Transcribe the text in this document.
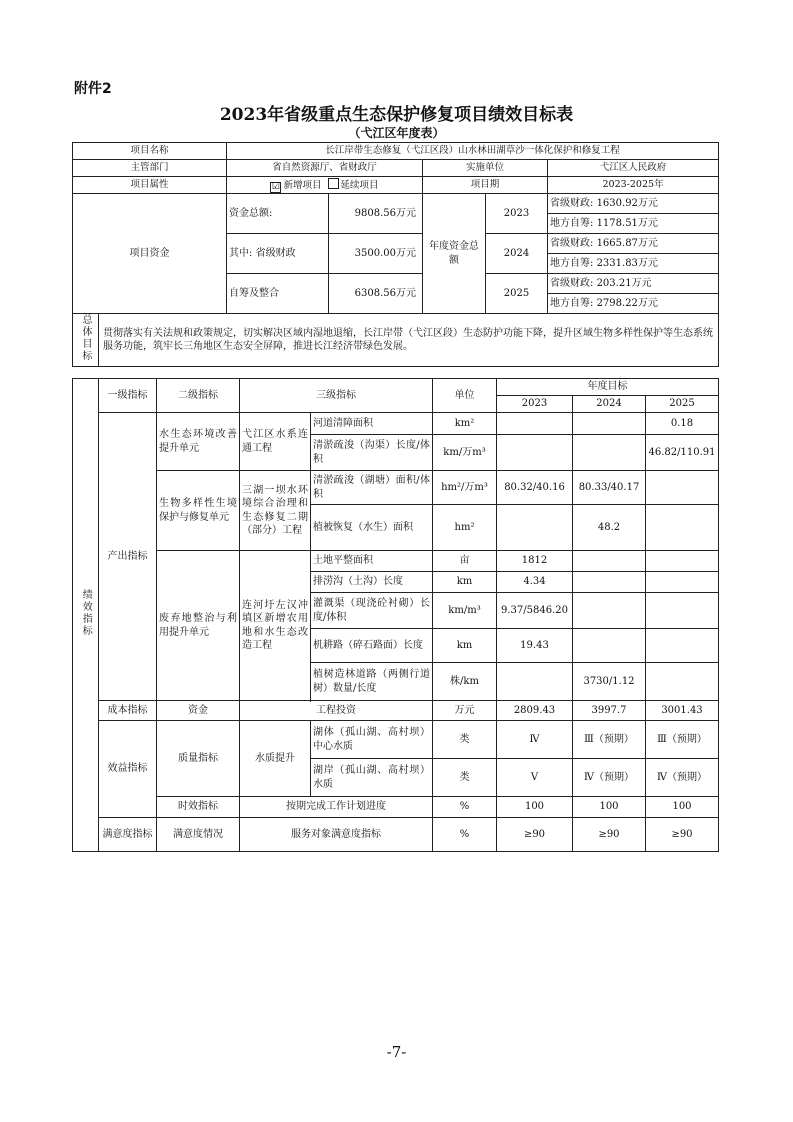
附件2
2023年省级重点生态保护修复项目绩效目标表
（弋江区年度表）
项目名称		长江岸带生态修复（弋江区段）山水林田湖草沙一体化保护和修复工程				
主管部门		省自然资源厅、省财政厅		实施单位		弋江区人民政府
项目属性		☑ 新增项目 延续项目		项目期		2023-2025年
项目资金		资金总额:	9808.56万元	年度资金总额	2023	省级财政: 1630.92万元
						地方自筹: 1178.51万元
		其中: 省级财政	3500.00万元		2024	省级财政: 1665.87万元
						地方自筹: 2331.83万元
		自筹及整合	6308.56万元		2025	省级财政: 203.21万元
						地方自筹: 2798.22万元
总体目标	贯彻落实有关法规和政策规定，切实解决区域内湿地退缩，长江岸带（弋江区段）生态防护功能下降，提升区域生物多样性保护等生态系统服务功能，筑牢长三角地区生态安全屏障，推进长江经济带绿色发展。					
绩效指标	一级指标	二级指标	三级指标		单位	年度目标		
						2023	2024	2025
	产出指标	水生态环境改善提升单元	弋江区水系连通工程	河道清障面积	km²			0.18
				清淤疏浚（沟渠）长度/体积	km/万m³			46.82/110.91
		生物多样性生境保护与修复单元	三湖一坝水环境综合治理和生态修复二期（部分）工程	清淤疏浚（湖塘）面积/体积	hm²/万m³	80.32/40.16	80.33/40.17	
				植被恢复（水生）面积	hm²		48.2	
		废弃地整治与利用提升单元	连河圩左汉冲填区新增农用地和水生态改造工程	土地平整面积	亩	1812		
				排涝沟（土沟）长度	km	4.34		
				灌溉渠（现浇砼衬砌）长度/体积	km/m³	9.37/5846.20		
				机耕路（碎石路面）长度	km	19.43		
				植树造林道路（两侧行道树）数量/长度	株/km		3730/1.12	

	成本指标	资金	工程投资		万元	2809.43	3997.7	3001.43
	效益指标	质量指标	水质提升	湖体（孤山湖、高村坝）中心水质	类	Ⅳ	Ⅲ（预期）	Ⅲ（预期）
				湖岸（孤山湖、高村坝）水质	类	Ⅴ	Ⅳ（预期）	Ⅳ（预期）
		时效指标	按期完成工作计划进度		%	100	100	100
	满意度指标	满意度情况	服务对象满意度指标		%	≥90	≥90	≥90
-7-
